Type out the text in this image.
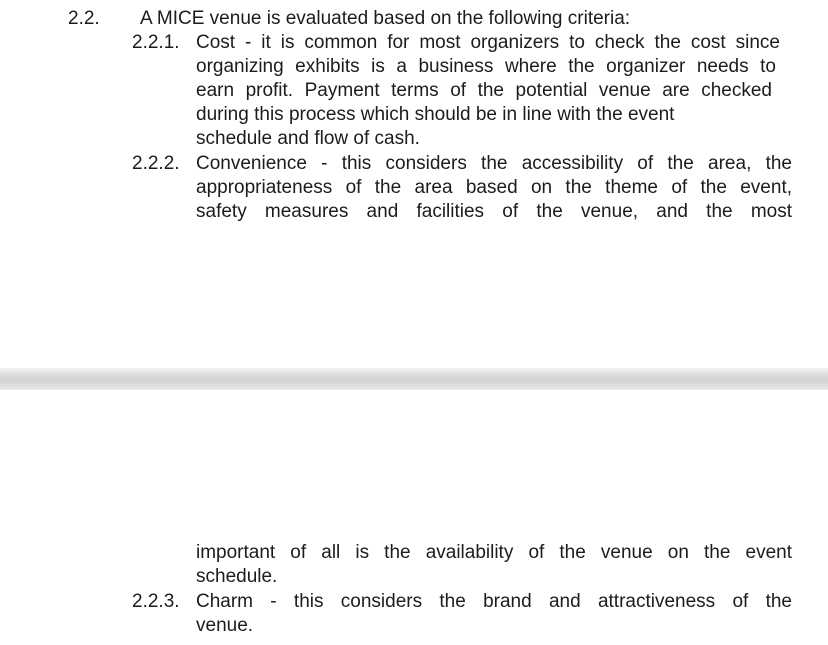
2.2. A MICE venue is evaluated based on the following criteria:
2.2.1. Cost - it is common for most organizers to check the cost since
organizing exhibits is a business where the organizer needs to
earn profit. Payment terms of the potential venue are checked
during this process which should be in line with the event
schedule and flow of cash.
2.2.2. Convenience - this considers the accessibility of the area, the
appropriateness of the area based on the theme of the event,
safety measures and facilities of the venue, and the most
important of all is the availability of the venue on the event
schedule.
2.2.3. Charm - this considers the brand and attractiveness of the
venue.
